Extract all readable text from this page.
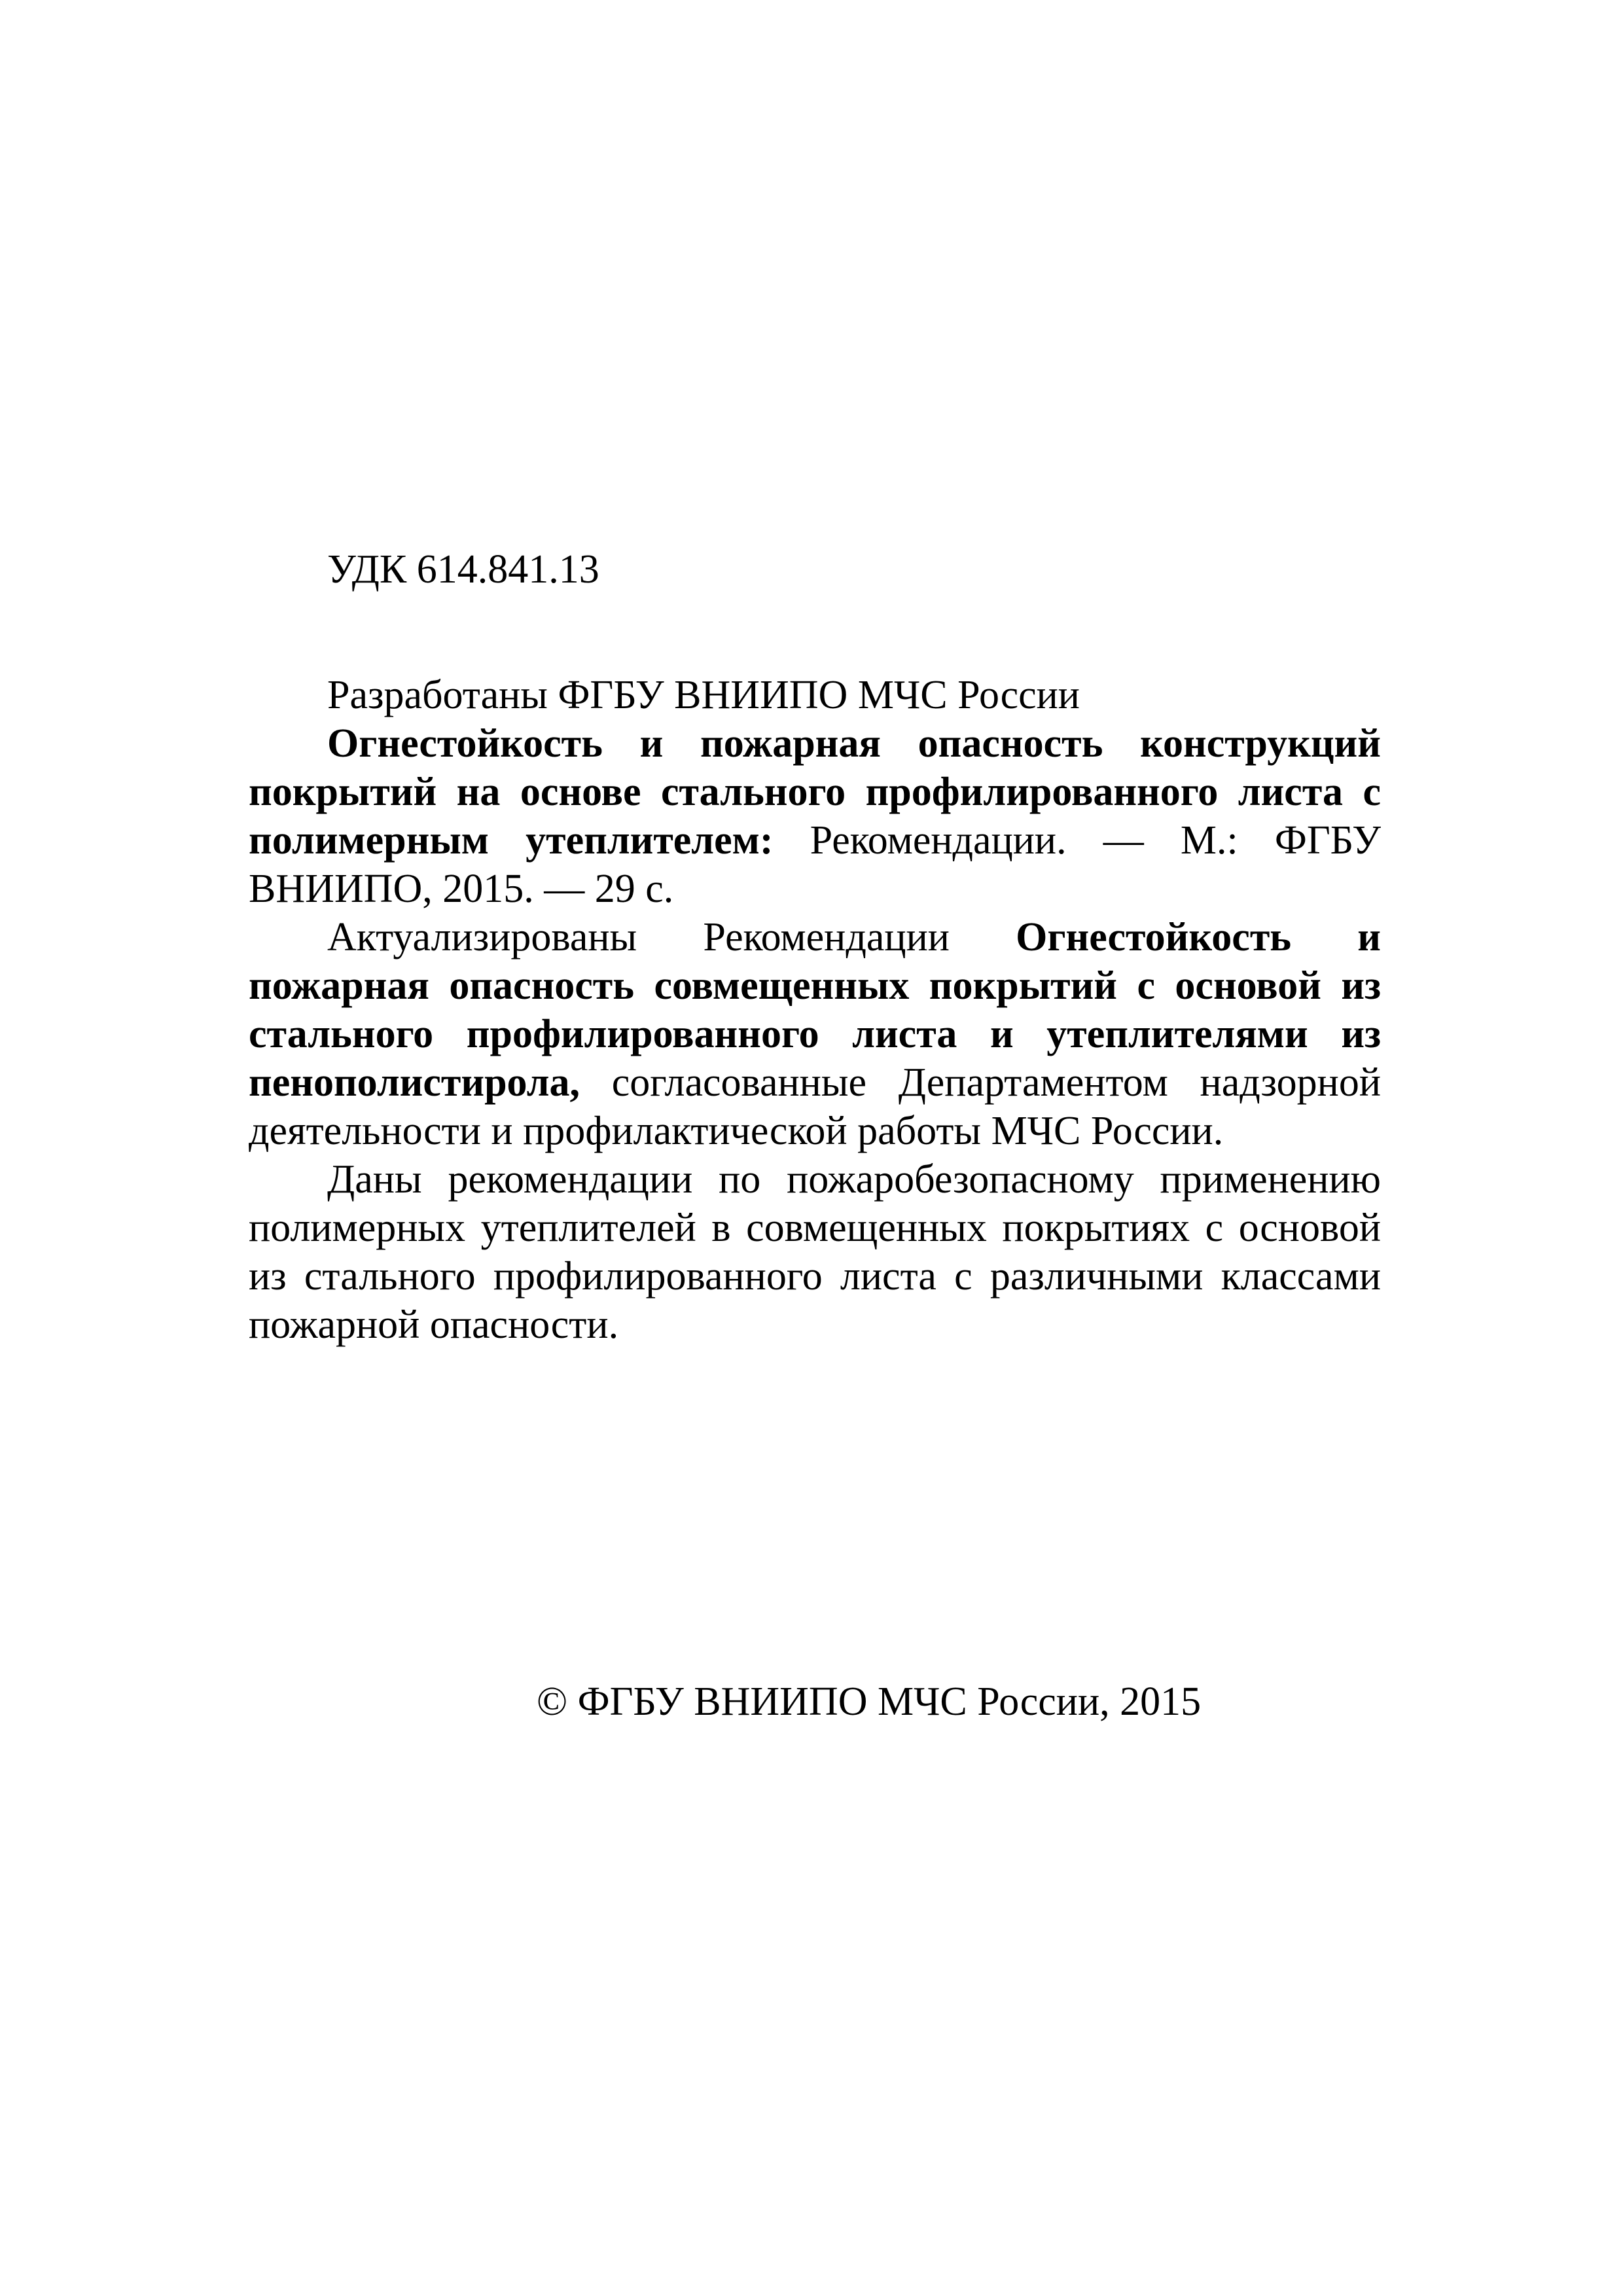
УДК 614.841.13

Разработаны ФГБУ ВНИИПО МЧС России

Огнестойкость и пожарная опасность конструкций покрытий на основе стального профилированного листа с полимерным утеплителем: Рекомендации. — М.: ФГБУ ВНИИПО, 2015. — 29 с.

Актуализированы Рекомендации Огнестойкость и пожарная опасность совмещенных покрытий с основой из стального профилированного листа и утеплителями из пенополистирола, согласованные Департаментом надзорной деятельности и профилактической работы МЧС России.

Даны рекомендации по пожаробезопасному применению полимерных утеплителей в совмещенных покрытиях с основой из стального профилированного листа с различными классами пожарной опасности.

© ФГБУ ВНИИПО МЧС России, 2015
